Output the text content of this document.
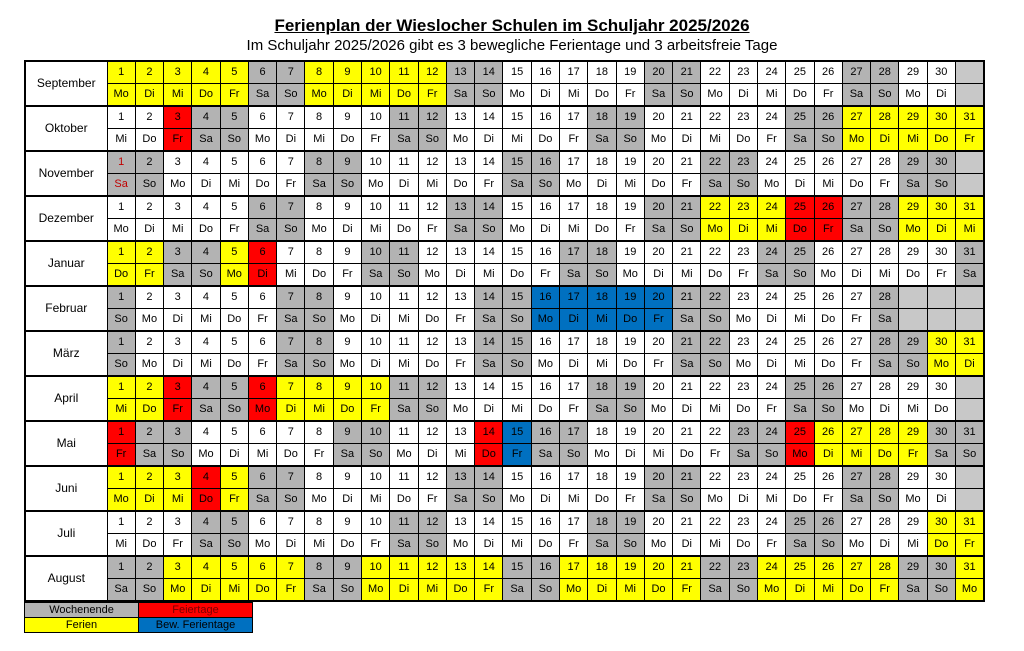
Ferienplan der Wieslocher Schulen im Schuljahr 2025/2026
Im Schuljahr 2025/2026 gibt es 3 bewegliche Ferientage und 3 arbeitsfreie Tage
September	1	2	3	4	5	6	7	8	9	10	11	12	13	14	15	16	17	18	19	20	21	22	23	24	25	26	27	28	29	30	
	Mo	Di	Mi	Do	Fr	Sa	So	Mo	Di	Mi	Do	Fr	Sa	So	Mo	Di	Mi	Do	Fr	Sa	So	Mo	Di	Mi	Do	Fr	Sa	So	Mo	Di	
Oktober	1	2	3	4	5	6	7	8	9	10	11	12	13	14	15	16	17	18	19	20	21	22	23	24	25	26	27	28	29	30	31
	Mi	Do	Fr	Sa	So	Mo	Di	Mi	Do	Fr	Sa	So	Mo	Di	Mi	Do	Fr	Sa	So	Mo	Di	Mi	Do	Fr	Sa	So	Mo	Di	Mi	Do	Fr
November	1	2	3	4	5	6	7	8	9	10	11	12	13	14	15	16	17	18	19	20	21	22	23	24	25	26	27	28	29	30	
	Sa	So	Mo	Di	Mi	Do	Fr	Sa	So	Mo	Di	Mi	Do	Fr	Sa	So	Mo	Di	Mi	Do	Fr	Sa	So	Mo	Di	Mi	Do	Fr	Sa	So	
Dezember	1	2	3	4	5	6	7	8	9	10	11	12	13	14	15	16	17	18	19	20	21	22	23	24	25	26	27	28	29	30	31
	Mo	Di	Mi	Do	Fr	Sa	So	Mo	Di	Mi	Do	Fr	Sa	So	Mo	Di	Mi	Do	Fr	Sa	So	Mo	Di	Mi	Do	Fr	Sa	So	Mo	Di	Mi
Januar	1	2	3	4	5	6	7	8	9	10	11	12	13	14	15	16	17	18	19	20	21	22	23	24	25	26	27	28	29	30	31
	Do	Fr	Sa	So	Mo	Di	Mi	Do	Fr	Sa	So	Mo	Di	Mi	Do	Fr	Sa	So	Mo	Di	Mi	Do	Fr	Sa	So	Mo	Di	Mi	Do	Fr	Sa
Februar	1	2	3	4	5	6	7	8	9	10	11	12	13	14	15	16	17	18	19	20	21	22	23	24	25	26	27	28			
	So	Mo	Di	Mi	Do	Fr	Sa	So	Mo	Di	Mi	Do	Fr	Sa	So	Mo	Di	Mi	Do	Fr	Sa	So	Mo	Di	Mi	Do	Fr	Sa			
März	1	2	3	4	5	6	7	8	9	10	11	12	13	14	15	16	17	18	19	20	21	22	23	24	25	26	27	28	29	30	31
	So	Mo	Di	Mi	Do	Fr	Sa	So	Mo	Di	Mi	Do	Fr	Sa	So	Mo	Di	Mi	Do	Fr	Sa	So	Mo	Di	Mi	Do	Fr	Sa	So	Mo	Di
April	1	2	3	4	5	6	7	8	9	10	11	12	13	14	15	16	17	18	19	20	21	22	23	24	25	26	27	28	29	30	
	Mi	Do	Fr	Sa	So	Mo	Di	Mi	Do	Fr	Sa	So	Mo	Di	Mi	Do	Fr	Sa	So	Mo	Di	Mi	Do	Fr	Sa	So	Mo	Di	Mi	Do	
Mai	1	2	3	4	5	6	7	8	9	10	11	12	13	14	15	16	17	18	19	20	21	22	23	24	25	26	27	28	29	30	31
	Fr	Sa	So	Mo	Di	Mi	Do	Fr	Sa	So	Mo	Di	Mi	Do	Fr	Sa	So	Mo	Di	Mi	Do	Fr	Sa	So	Mo	Di	Mi	Do	Fr	Sa	So
Juni	1	2	3	4	5	6	7	8	9	10	11	12	13	14	15	16	17	18	19	20	21	22	23	24	25	26	27	28	29	30	
	Mo	Di	Mi	Do	Fr	Sa	So	Mo	Di	Mi	Do	Fr	Sa	So	Mo	Di	Mi	Do	Fr	Sa	So	Mo	Di	Mi	Do	Fr	Sa	So	Mo	Di	
Juli	1	2	3	4	5	6	7	8	9	10	11	12	13	14	15	16	17	18	19	20	21	22	23	24	25	26	27	28	29	30	31
	Mi	Do	Fr	Sa	So	Mo	Di	Mi	Do	Fr	Sa	So	Mo	Di	Mi	Do	Fr	Sa	So	Mo	Di	Mi	Do	Fr	Sa	So	Mo	Di	Mi	Do	Fr
August	1	2	3	4	5	6	7	8	9	10	11	12	13	14	15	16	17	18	19	20	21	22	23	24	25	26	27	28	29	30	31
	Sa	So	Mo	Di	Mi	Do	Fr	Sa	So	Mo	Di	Mi	Do	Fr	Sa	So	Mo	Di	Mi	Do	Fr	Sa	So	Mo	Di	Mi	Do	Fr	Sa	So	Mo
Wochenende	Feiertage
Ferien	Bew. Ferientage
